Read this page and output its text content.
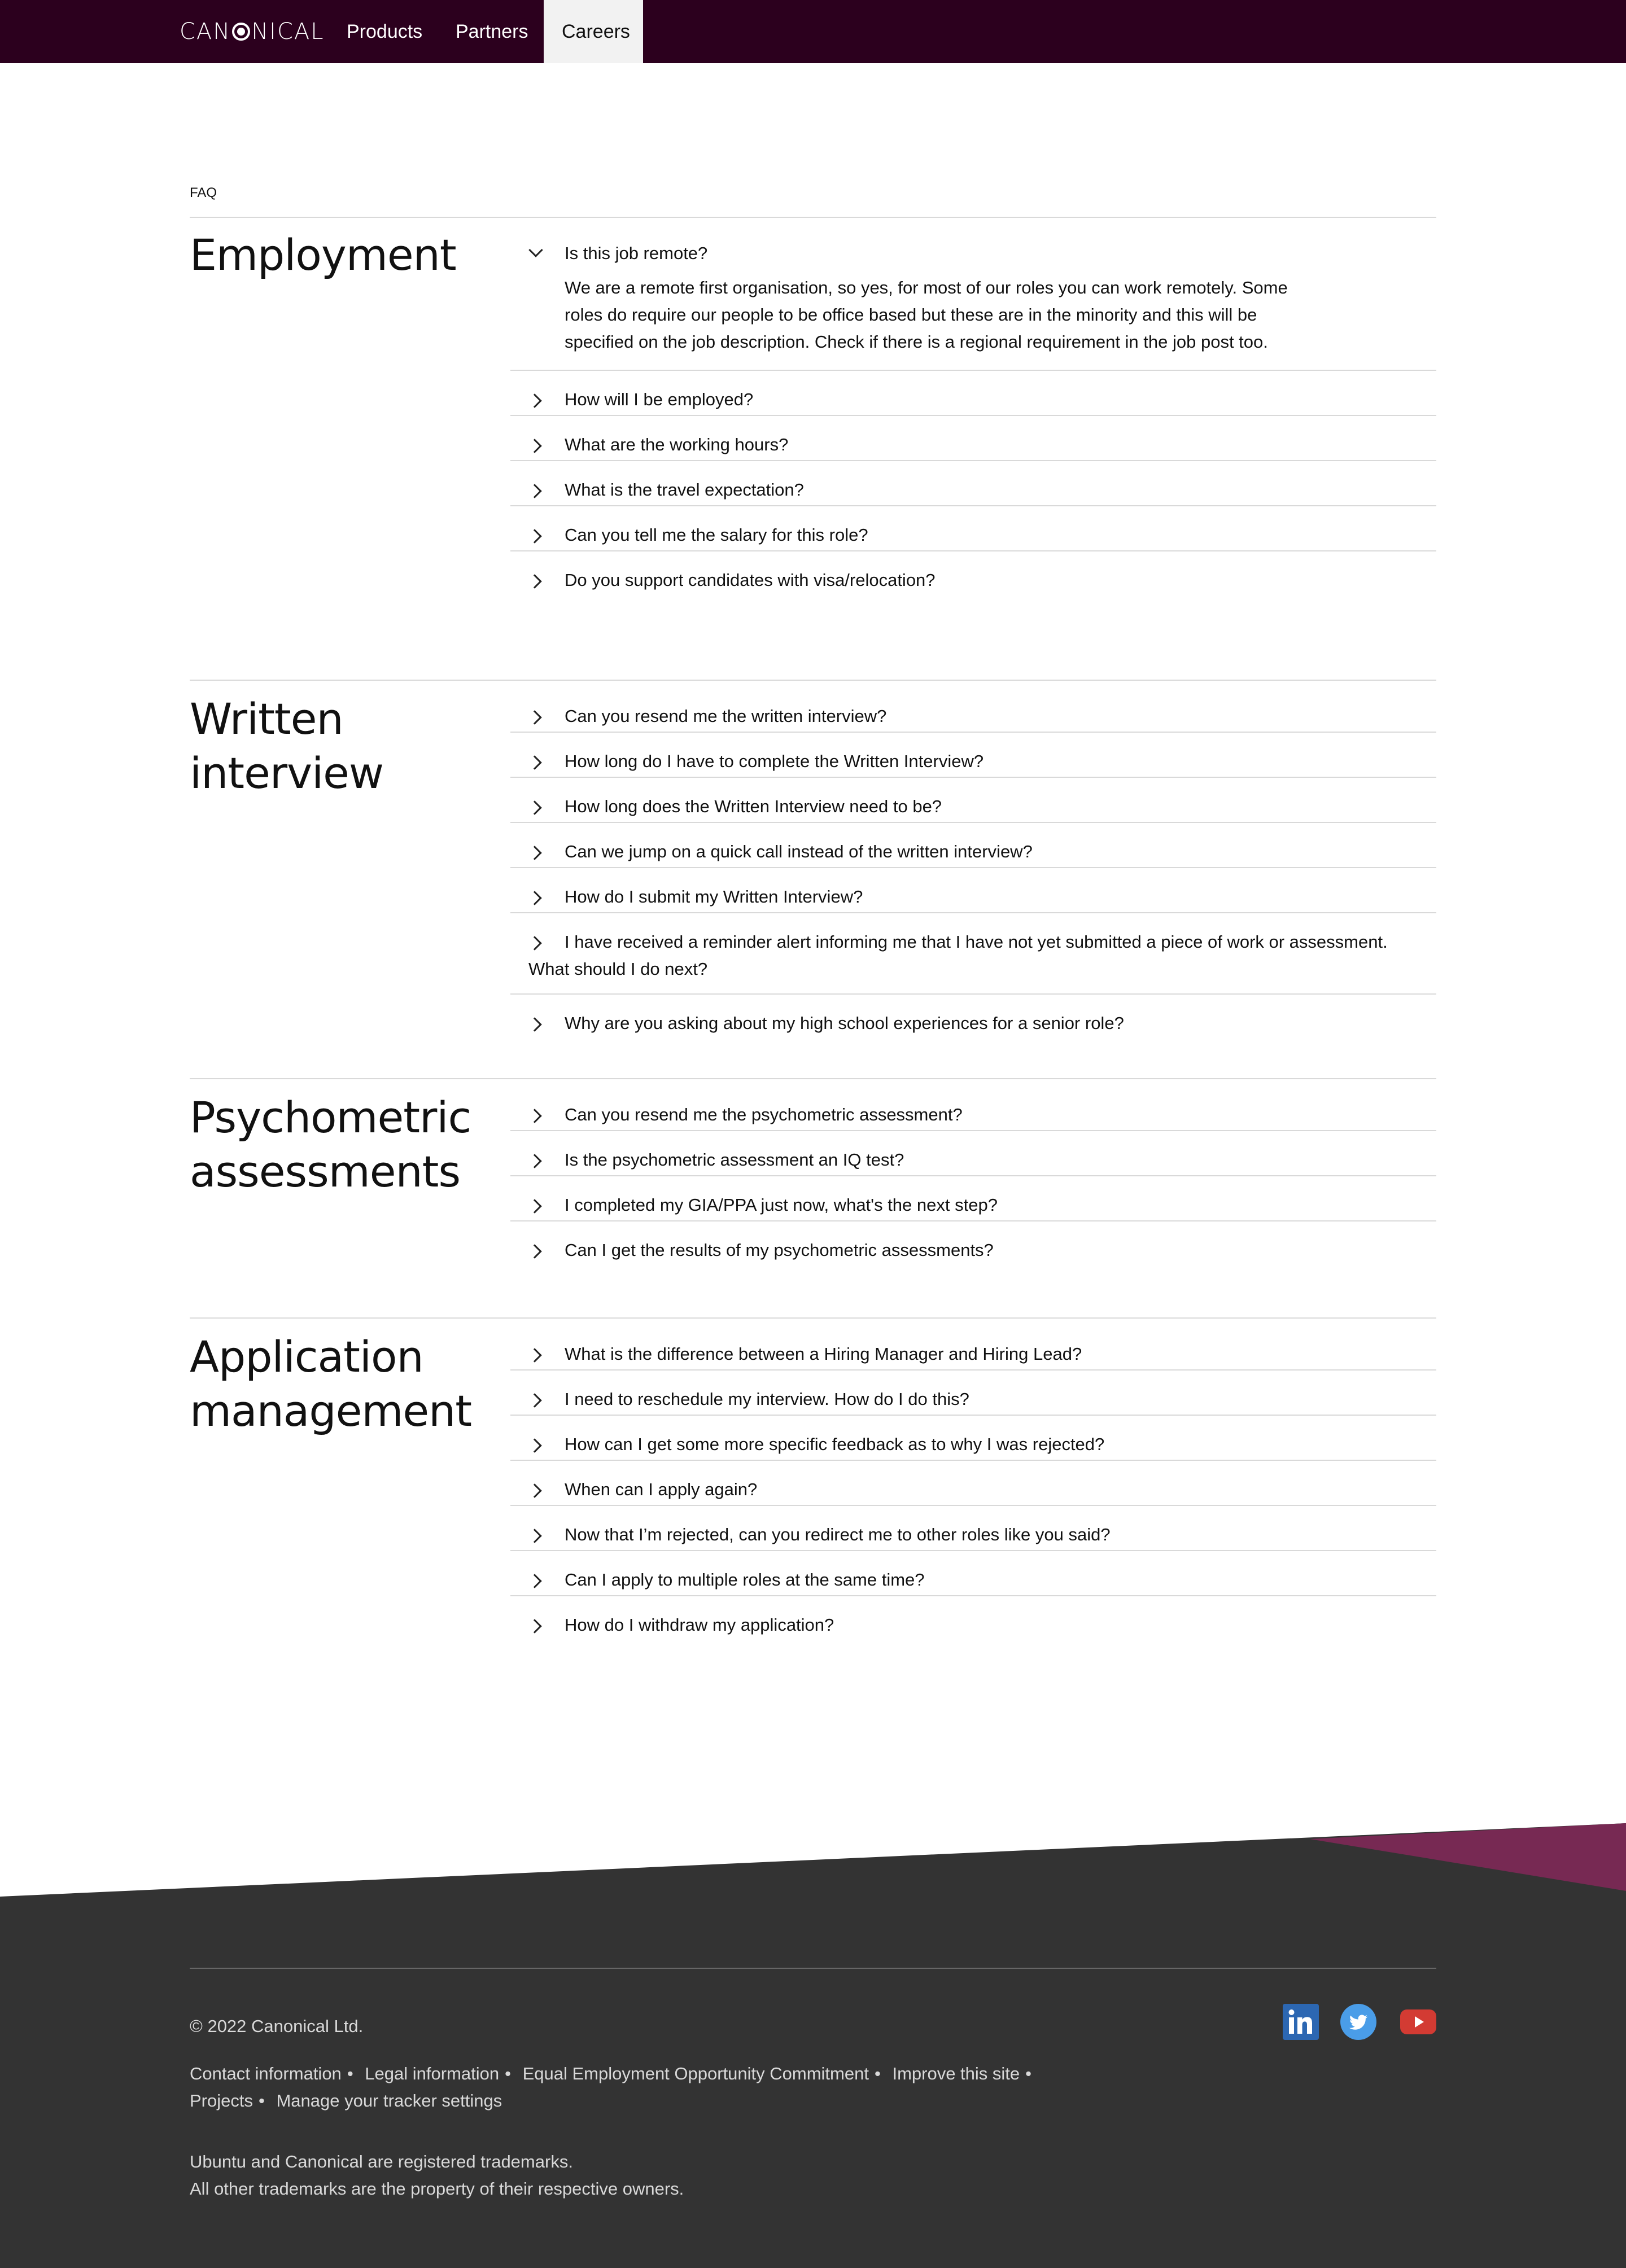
CAN NICAL Products Partners	Careers
FAQ
Employment	Is this job remote?
We are a remote first organisation, so yes, for most of our roles you can work remotely. Some roles do require our people to be office based but these are in the minority and this will be specified on the job description. Check if there is a regional requirement in the job post too.
How will I be employed?
What are the working hours?
What is the travel expectation?
Can you tell me the salary for this role?
Do you support candidates with visa/relocation?
Written interview
Can you resend me the written interview?
How long do I have to complete the Written Interview?
How long does the Written Interview need to be?
Can we jump on a quick call instead of the written interview?
How do I submit my Written Interview?
I have received a reminder alert informing me that I have not yet submitted a piece of work or assessment. What should I do next?
Why are you asking about my high school experiences for a senior role?
Psychometric assessments
Can you resend me the psychometric assessment?
Is the psychometric assessment an IQ test?
I completed my GIA/PPA just now, what's the next step?
Can I get the results of my psychometric assessments?
Application management
What is the difference between a Hiring Manager and Hiring Lead?
I need to reschedule my interview. How do I do this?
How can I get some more specific feedback as to why I was rejected?
When can I apply again?
Now that I’m rejected, can you redirect me to other roles like you said?
Can I apply to multiple roles at the same time?
How do I withdraw my application?
© 2022 Canonical Ltd.
Contact information • Legal information • Equal Employment Opportunity Commitment • Improve this site •
Projects • Manage your tracker settings
Ubuntu and Canonical are registered trademarks.
All other trademarks are the property of their respective owners.
